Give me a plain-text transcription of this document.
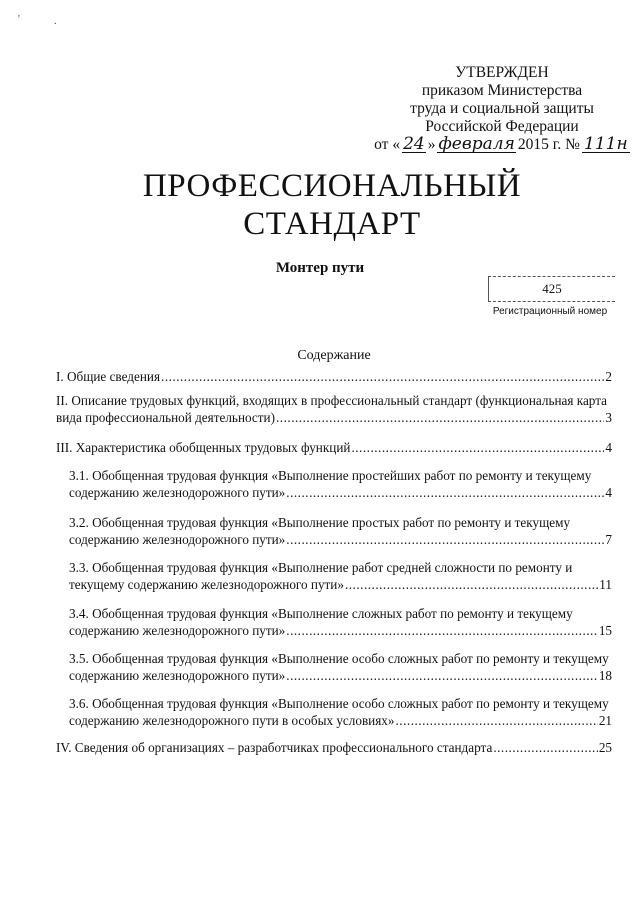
'	.
УТВЕРЖДЕН
приказом Министерства
труда и социальной защиты
Российской Федерации
от « 24 » февраля 2015 г. № 111н
ПРОФЕССИОНАЛЬНЫЙ
СТАНДАРТ
Монтер пути
425
Регистрационный номер
Содержание
I. Общие сведения .....	2
II. Описание трудовых функций, входящих в профессиональный стандарт (функциональная карта
вида профессиональной деятельности) .....	3
III. Характеристика обобщенных трудовых функций .....	4
3.1. Обобщенная трудовая функция «Выполнение простейших работ по ремонту и текущему
содержанию железнодорожного пути» .....	4
3.2. Обобщенная трудовая функция «Выполнение простых работ по ремонту и текущему
содержанию железнодорожного пути» .....	7
3.3. Обобщенная трудовая функция «Выполнение работ средней сложности по ремонту и
текущему содержанию железнодорожного пути» .....	11
3.4. Обобщенная трудовая функция «Выполнение сложных работ по ремонту и текущему
содержанию железнодорожного пути» .....	15
3.5. Обобщенная трудовая функция «Выполнение особо сложных работ по ремонту и текущему
содержанию железнодорожного пути» .....	18
3.6. Обобщенная трудовая функция «Выполнение особо сложных работ по ремонту и текущему
содержанию железнодорожного пути в особых условиях» .....	21
IV. Сведения об организациях – разработчиках профессионального стандарта .....	25
